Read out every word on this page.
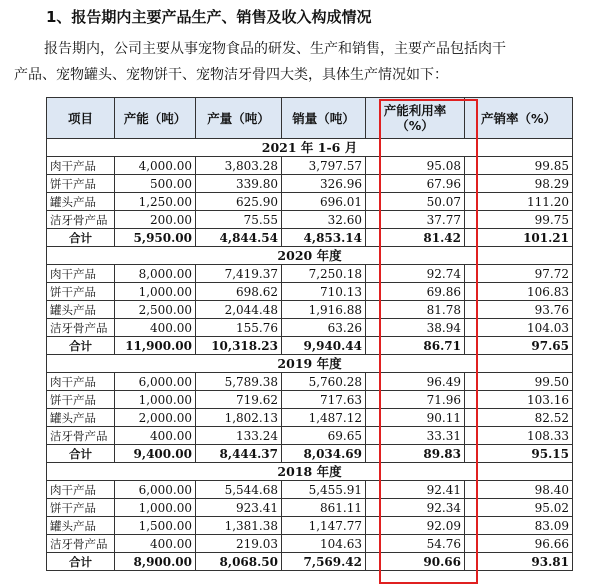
1、报告期内主要产品生产、销售及收入构成情况
报告期内，公司主要从事宠物食品的研发、生产和销售，主要产品包括肉干
产品、宠物罐头、宠物饼干、宠物洁牙骨四大类，具体生产情况如下：
项目	产能（吨）	产量（吨）	销量（吨）	产能利用率（%）	产销率（%）
2021 年 1-6 月					
肉干产品	4,000.00	3,803.28	3,797.57	95.08	99.85
饼干产品	500.00	339.80	326.96	67.96	98.29
罐头产品	1,250.00	625.90	696.01	50.07	111.20
洁牙骨产品	200.00	75.55	32.60	37.77	99.75
合计	5,950.00	4,844.54	4,853.14	81.42	101.21
2020 年度					
肉干产品	8,000.00	7,419.37	7,250.18	92.74	97.72
饼干产品	1,000.00	698.62	710.13	69.86	106.83
罐头产品	2,500.00	2,044.48	1,916.88	81.78	93.76
洁牙骨产品	400.00	155.76	63.26	38.94	104.03
合计	11,900.00	10,318.23	9,940.44	86.71	97.65
2019 年度					
肉干产品	6,000.00	5,789.38	5,760.28	96.49	99.50
饼干产品	1,000.00	719.62	717.63	71.96	103.16
罐头产品	2,000.00	1,802.13	1,487.12	90.11	82.52
洁牙骨产品	400.00	133.24	69.65	33.31	108.33
合计	9,400.00	8,444.37	8,034.69	89.83	95.15
2018 年度					
肉干产品	6,000.00	5,544.68	5,455.91	92.41	98.40
饼干产品	1,000.00	923.41	861.11	92.34	95.02
罐头产品	1,500.00	1,381.38	1,147.77	92.09	83.09
洁牙骨产品	400.00	219.03	104.63	54.76	96.66
合计	8,900.00	8,068.50	7,569.42	90.66	93.81
